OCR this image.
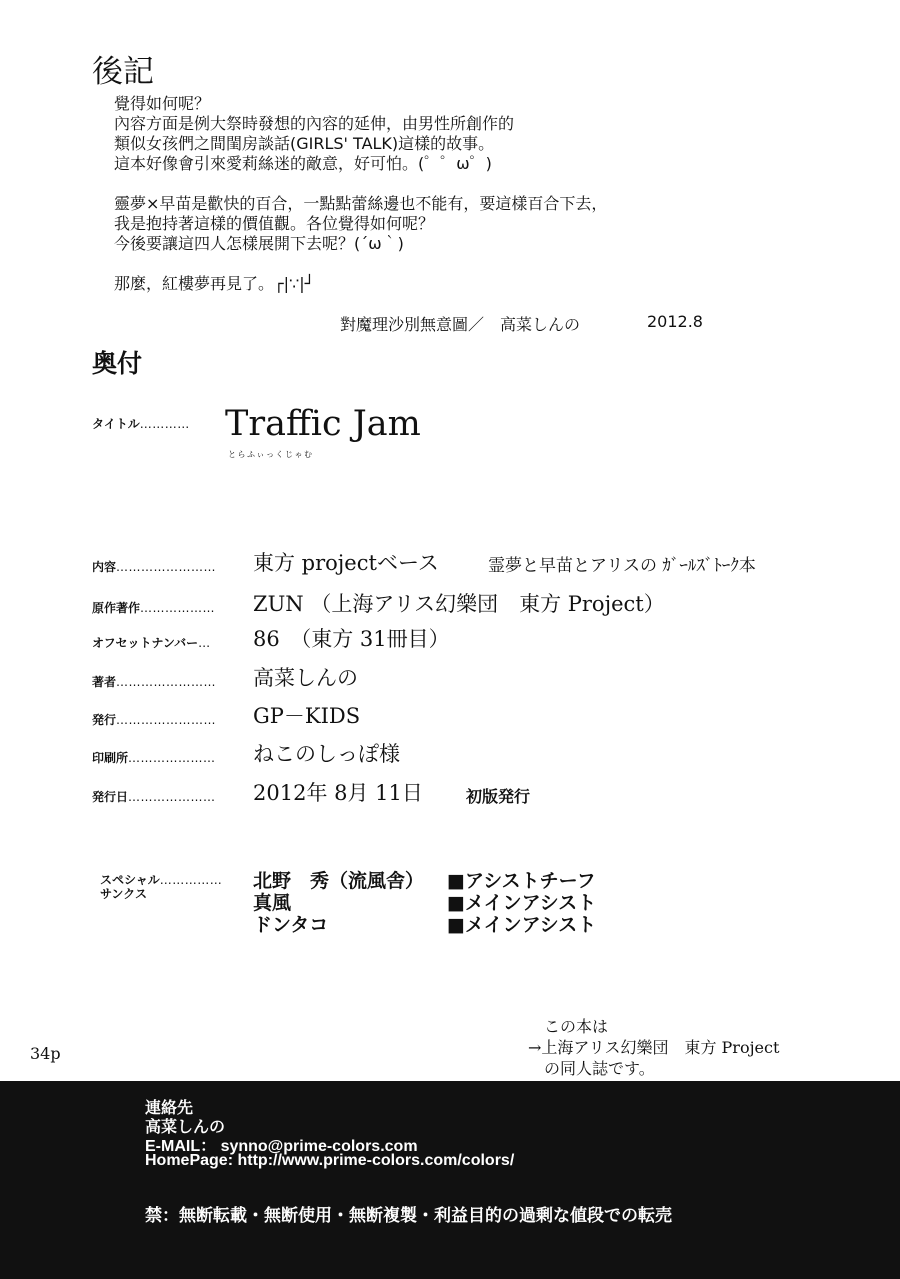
後記
覺得如何呢？
內容方面是例大祭時發想的內容的延伸，由男性所創作的
類似女孩們之間閨房談話(GIRLS' TALK)這樣的故事。
這本好像會引來愛莉絲迷的敵意，好可怕。(゜゜ω゜)
靈夢×早苗是歡快的百合，一點點蕾絲邊也不能有，要這樣百合下去，
我是抱持著這樣的價值觀。各位覺得如何呢？
今後要讓這四人怎樣展開下去呢？(´ω｀)
那麼，紅樓夢再見了。┌|∵|┘
對魔理沙別無意圖／　高菜しんの	2012.8
奥付
タイトル………… Traffic Jam
とらふぃっくじゃむ
内容…………………… 東方 projectベース	霊夢と早苗とアリスの ｶﾞｰﾙｽﾞﾄｰｸ本
原作著作……………… ZUN （上海アリス幻樂団　東方 Project）
オフセットナンバー… 86　（東方 31冊目）
著者…………………… 高菜しんの
発行…………………… GP－KIDS
印刷所………………… ねこのしっぽ様
発行日………………… 2012年 8月 11日	初版発行
スペシャル……………
サンクス
北野　秀（流風舎） ■アシストチーフ
真風	■メインアシスト
ドンタコ	■メインアシスト
34p
この本は
→上海アリス幻樂団　東方 Project
の同人誌です。
連絡先
高菜しんの
E-MAIL： synno@prime-colors.com
HomePage: http://www.prime-colors.com/colors/
禁：無断転載・無断使用・無断複製・利益目的の過剰な値段での転売
